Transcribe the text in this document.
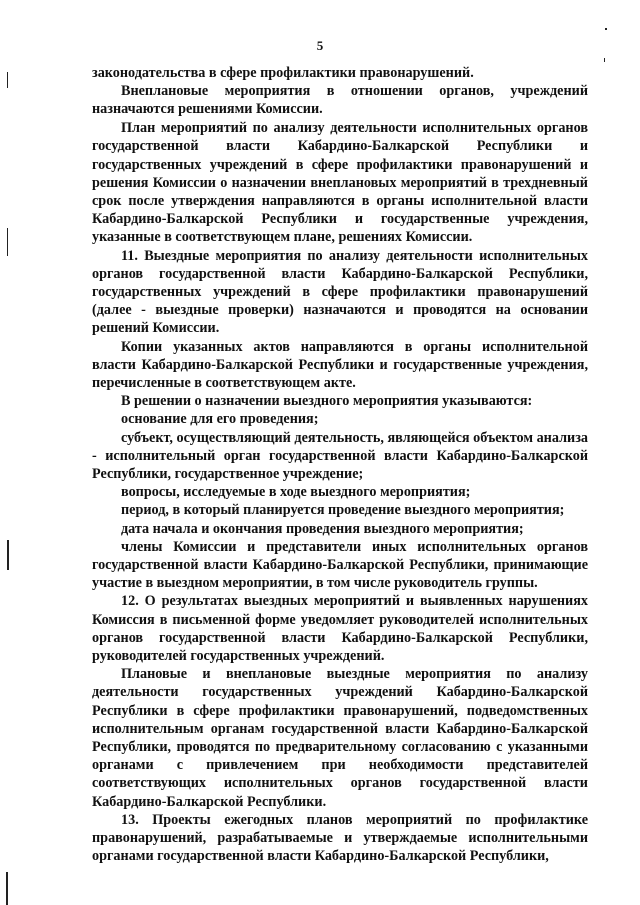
5

законодательства в сфере профилактики правонарушений.

Внеплановые мероприятия в отношении органов, учреждений назначаются решениями Комиссии.

План мероприятий по анализу деятельности исполнительных органов государственной власти Кабардино-Балкарской Республики и государственных учреждений в сфере профилактики правонарушений и решения Комиссии о назначении внеплановых мероприятий в трехдневный срок после утверждения направляются в органы исполнительной власти Кабардино-Балкарской Республики и государственные учреждения, указанные в соответствующем плане, решениях Комиссии.

11. Выездные мероприятия по анализу деятельности исполнительных органов государственной власти Кабардино-Балкарской Республики, государственных учреждений в сфере профилактики правонарушений (далее - выездные проверки) назначаются и проводятся на основании решений Комиссии.

Копии указанных актов направляются в органы исполнительной власти Кабардино-Балкарской Республики и государственные учреждения, перечисленные в соответствующем акте.

В решении о назначении выездного мероприятия указываются:

основание для его проведения;

субъект, осуществляющий деятельность, являющейся объектом анализа - исполнительный орган государственной власти Кабардино-Балкарской Республики, государственное учреждение;

вопросы, исследуемые в ходе выездного мероприятия;

период, в который планируется проведение выездного мероприятия;

дата начала и окончания проведения выездного мероприятия;

члены Комиссии и представители иных исполнительных органов государственной власти Кабардино-Балкарской Республики, принимающие участие в выездном мероприятии, в том числе руководитель группы.

12. О результатах выездных мероприятий и выявленных нарушениях Комиссия в письменной форме уведомляет руководителей исполнительных органов государственной власти Кабардино-Балкарской Республики, руководителей государственных учреждений.

Плановые и внеплановые выездные мероприятия по анализу деятельности государственных учреждений Кабардино-Балкарской Республики в сфере профилактики правонарушений, подведомственных исполнительным органам государственной власти Кабардино-Балкарской Республики, проводятся по предварительному согласованию с указанными органами с привлечением при необходимости представителей соответствующих исполнительных органов государственной власти Кабардино-Балкарской Республики.

13. Проекты ежегодных планов мероприятий по профилактике правонарушений, разрабатываемые и утверждаемые исполнительными органами государственной власти Кабардино-Балкарской Республики,
